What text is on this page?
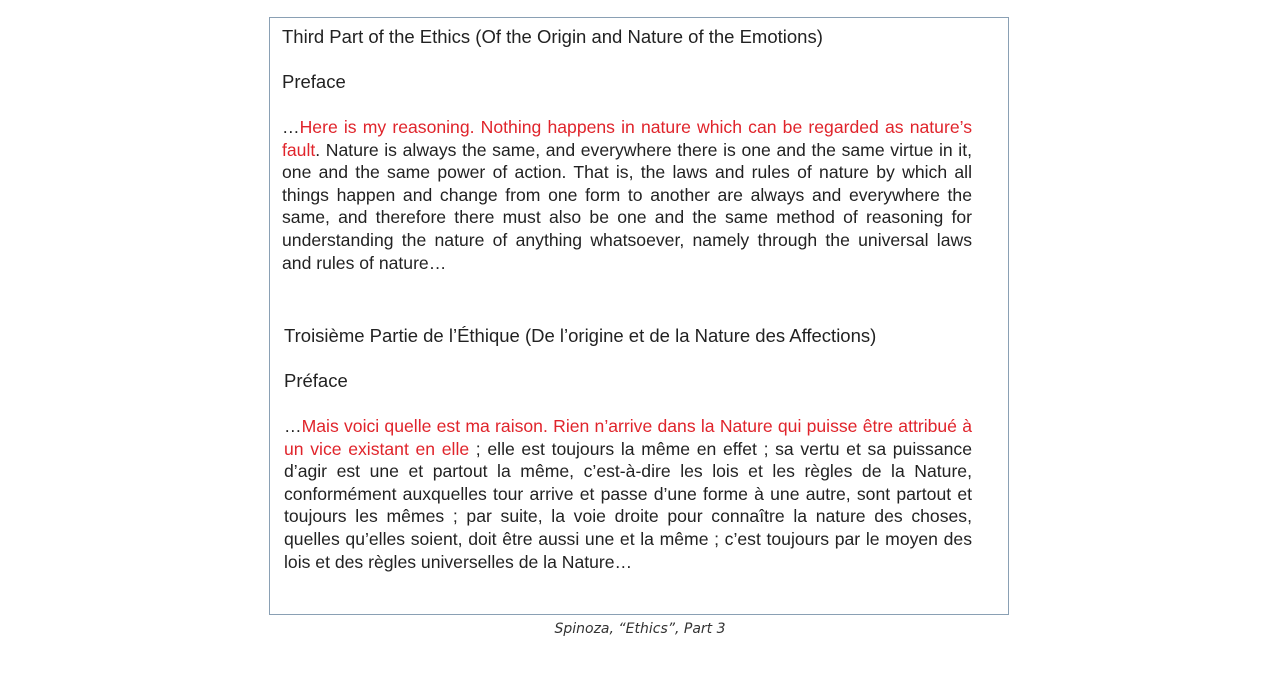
Third Part of the Ethics (Of the Origin and Nature of the Emotions)

Preface

…Here is my reasoning. Nothing happens in nature which can be regarded as nature’s fault. Nature is always the same, and everywhere there is one and the same virtue in it, one and the same power of action. That is, the laws and rules of nature by which all things happen and change from one form to another are always and everywhere the same, and therefore there must also be one and the same method of reasoning for understanding the nature of anything whatsoever, namely through the universal laws and rules of nature…

Troisième Partie de l’Éthique (De l’origine et de la Nature des Affections)

Préface

…Mais voici quelle est ma raison. Rien n’arrive dans la Nature qui puisse être attribué à un vice existant en elle ; elle est toujours la même en effet ; sa vertu et sa puissance d’agir est une et partout la même, c’est-à-dire les lois et les règles de la Nature, conformément auxquelles tour arrive et passe d’une forme à une autre, sont partout et toujours les mêmes ; par suite, la voie droite pour connaître la nature des choses, quelles qu’elles soient, doit être aussi une et la même ; c’est toujours par le moyen des lois et des règles universelles de la Nature…

Spinoza, “Ethics”, Part 3
